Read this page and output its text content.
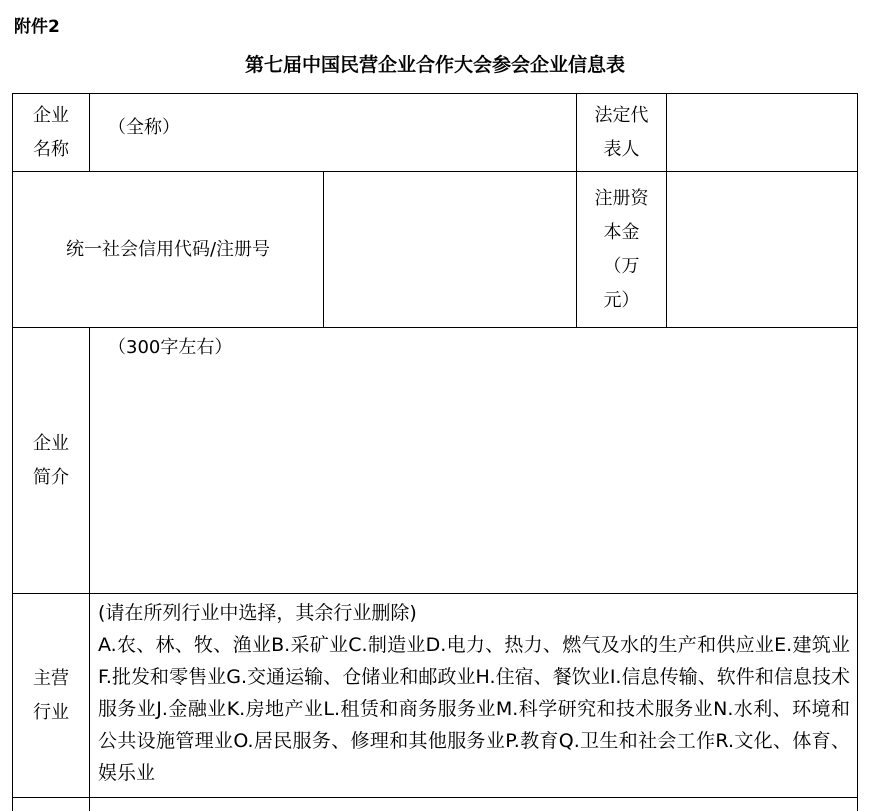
附件2
第七届中国民营企业合作大会参会企业信息表
企业
名称
（全称）
法定代
表人
统一社会信用代码/注册号
注册资
本金
（万
元）
企业
简介
（300字左右）
主营
行业
(请在所列行业中选择，其余行业删除)
A.农、林、牧、渔业B.采矿业C.制造业D.电力、热力、燃气及水的生产和供应业E.建筑业F.批发和零售业G.交通运输、仓储业和邮政业H.住宿、餐饮业I.信息传输、软件和信息技术服务业J.金融业K.房地产业L.租赁和商务服务业M.科学研究和技术服务业N.水利、环境和公共设施管理业O.居民服务、修理和其他服务业P.教育Q.卫生和社会工作R.文化、体育、娱乐业
